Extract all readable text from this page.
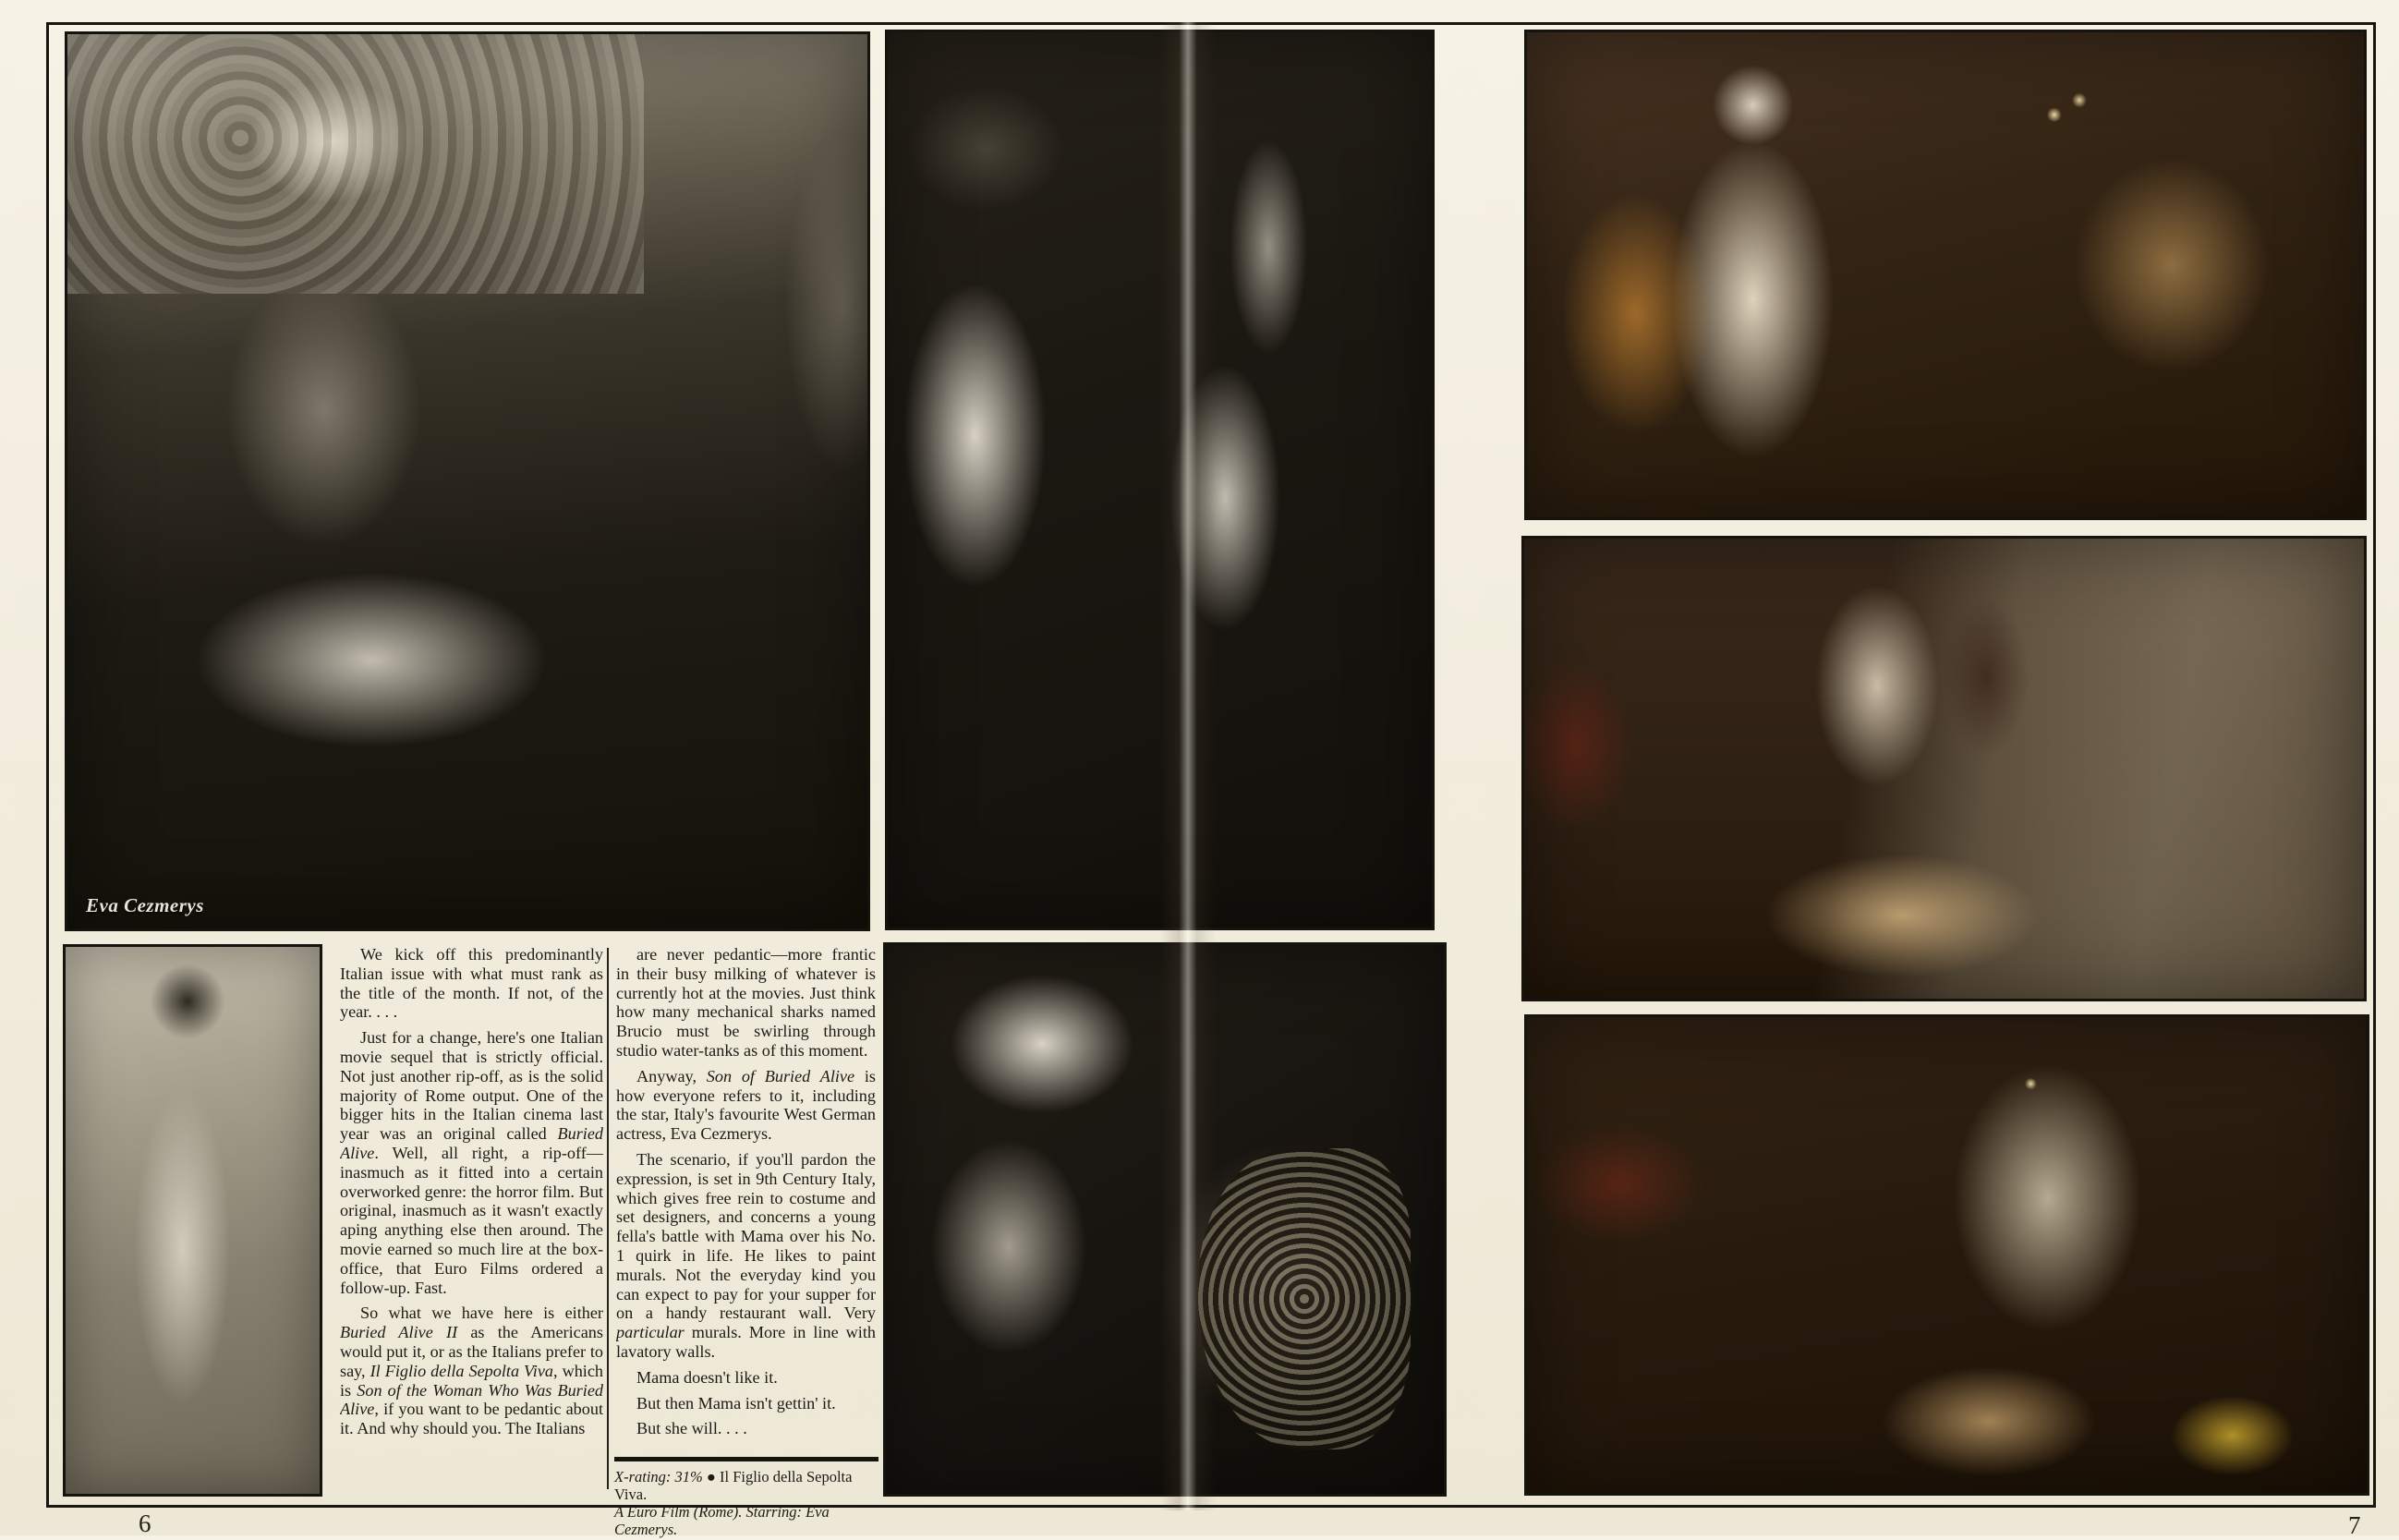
Eva Cezmerys

We kick off this predominantly Italian issue with what must rank as the title of the month. If not, of the year. . . .

Just for a change, here's one Italian movie sequel that is strictly official. Not just another rip-off, as is the solid majority of Rome output. One of the bigger hits in the Italian cinema last year was an original called Buried Alive. Well, all right, a rip-off—inasmuch as it fitted into a certain overworked genre: the horror film. But original, inasmuch as it wasn't exactly aping anything else then around. The movie earned so much lire at the box-office, that Euro Films ordered a follow-up. Fast.

So what we have here is either Buried Alive II as the Americans would put it, or as the Italians prefer to say, Il Figlio della Sepolta Viva, which is Son of the Woman Who Was Buried Alive, if you want to be pedantic about it. And why should you. The Italians

are never pedantic—more frantic in their busy milking of whatever is currently hot at the movies. Just think how many mechanical sharks named Brucio must be swirling through studio water-tanks as of this moment.

Anyway, Son of Buried Alive is how everyone refers to it, including the star, Italy's favourite West German actress, Eva Cezmerys.

The scenario, if you'll pardon the expression, is set in 9th Century Italy, which gives free rein to costume and set designers, and concerns a young fella's battle with Mama over his No. 1 quirk in life. He likes to paint murals. Not the everyday kind you can expect to pay for your supper for on a handy restaurant wall. Very particular murals. More in line with lavatory walls.

Mama doesn't like it.

But then Mama isn't gettin' it.

But she will. . . .

X-rating: 31% ● Il Figlio della Sepolta Viva.
A Euro Film (Rome). Starring: Eva Cezmerys.
6	7
